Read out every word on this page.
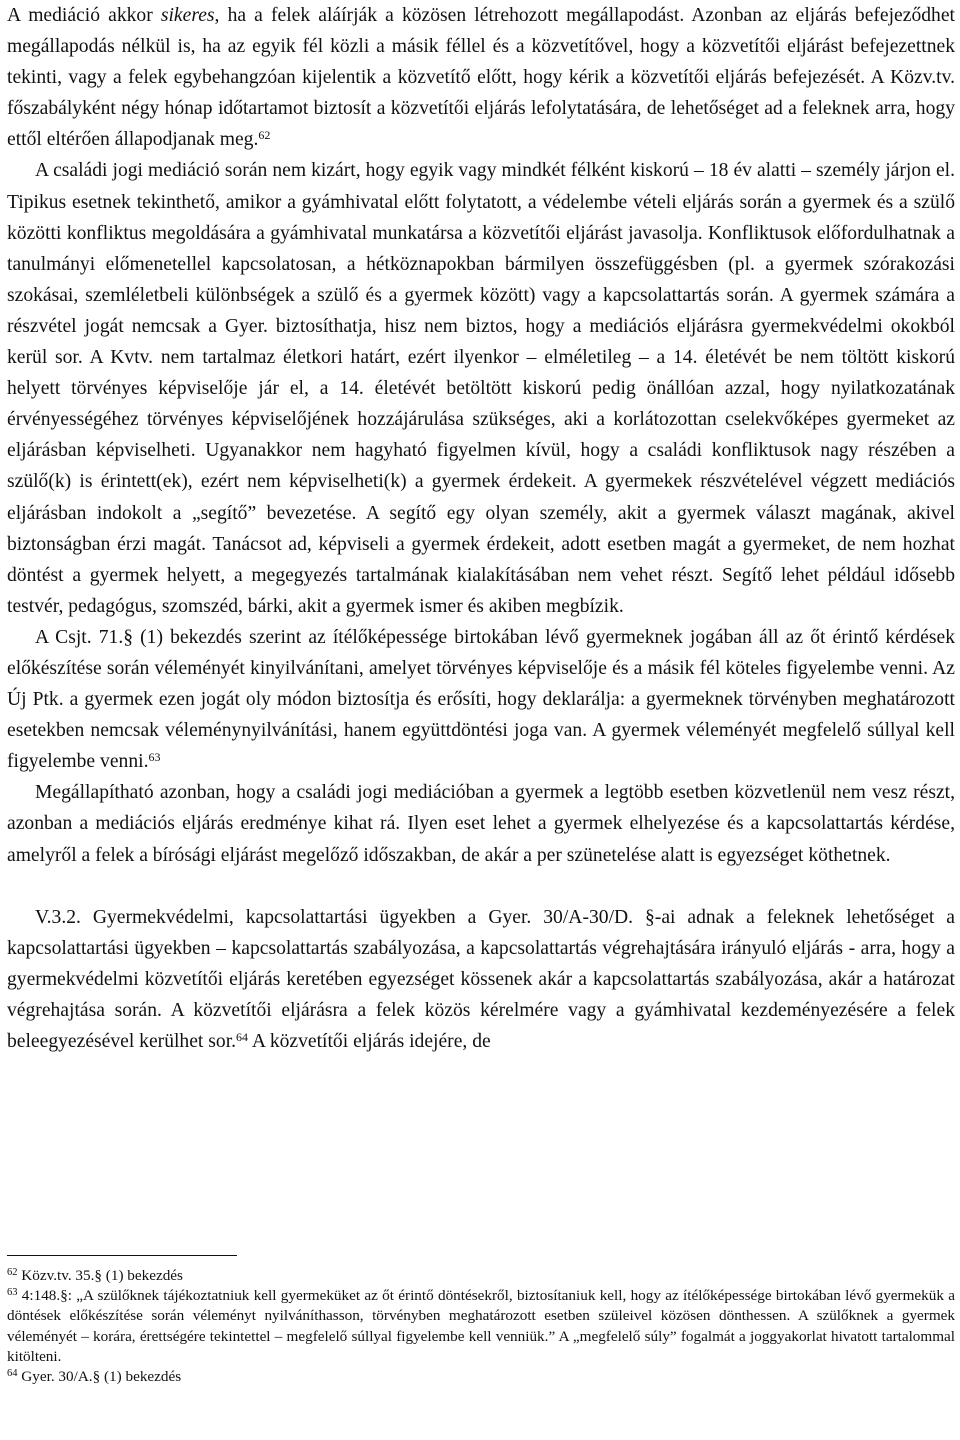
A mediáció akkor sikeres, ha a felek aláírják a közösen létrehozott megállapodást. Azonban az eljárás befejeződhet megállapodás nélkül is, ha az egyik fél közli a másik féllel és a közvetítővel, hogy a közvetítői eljárást befejezettnek tekinti, vagy a felek egybehangzóan kijelentik a közvetítő előtt, hogy kérik a közvetítői eljárás befejezését. A Közv.tv. főszabályként négy hónap időtartamot biztosít a közvetítői eljárás lefolytatására, de lehetőséget ad a feleknek arra, hogy ettől eltérően állapodjanak meg.$^{62}$

A családi jogi mediáció során nem kizárt, hogy egyik vagy mindkét félként kiskorú – 18 év alatti – személy járjon el. Tipikus esetnek tekinthető, amikor a gyámhivatal előtt folytatott, a védelembe vételi eljárás során a gyermek és a szülő közötti konfliktus megoldására a gyámhivatal munkatársa a közvetítői eljárást javasolja. Konfliktusok előfordulhatnak a tanulmányi előmenetellel kapcsolatosan, a hétköznapokban bármilyen összefüggésben (pl. a gyermek szórakozási szokásai, szemléletbeli különbségek a szülő és a gyermek között) vagy a kapcsolattartás során. A gyermek számára a részvétel jogát nemcsak a Gyer. biztosíthatja, hisz nem biztos, hogy a mediációs eljárásra gyermekvédelmi okokból kerül sor. A Kvtv. nem tartalmaz életkori határt, ezért ilyenkor – elméletileg – a 14. életévét be nem töltött kiskorú helyett törvényes képviselője jár el, a 14. életévét betöltött kiskorú pedig önállóan azzal, hogy nyilatkozatának érvényességéhez törvényes képviselőjének hozzájárulása szükséges, aki a korlátozottan cselekvőképes gyermeket az eljárásban képviselheti. Ugyanakkor nem hagyható figyelmen kívül, hogy a családi konfliktusok nagy részében a szülő(k) is érintett(ek), ezért nem képviselheti(k) a gyermek érdekeit. A gyermekek részvételével végzett mediációs eljárásban indokolt a „segítő” bevezetése. A segítő egy olyan személy, akit a gyermek választ magának, akivel biztonságban érzi magát. Tanácsot ad, képviseli a gyermek érdekeit, adott esetben magát a gyermeket, de nem hozhat döntést a gyermek helyett, a megegyezés tartalmának kialakításában nem vehet részt. Segítő lehet például idősebb testvér, pedagógus, szomszéd, bárki, akit a gyermek ismer és akiben megbízik.

A Csjt. 71.§ (1) bekezdés szerint az ítélőképessége birtokában lévő gyermeknek jogában áll az őt érintő kérdések előkészítése során véleményét kinyilvánítani, amelyet törvényes képviselője és a másik fél köteles figyelembe venni. Az Új Ptk. a gyermek ezen jogát oly módon biztosítja és erősíti, hogy deklarálja: a gyermeknek törvényben meghatározott esetekben nemcsak véleménynyilvánítási, hanem együttdöntési joga van. A gyermek véleményét megfelelő súllyal kell figyelembe venni.$^{63}$

Megállapítható azonban, hogy a családi jogi mediációban a gyermek a legtöbb esetben közvetlenül nem vesz részt, azonban a mediációs eljárás eredménye kihat rá. Ilyen eset lehet a gyermek elhelyezése és a kapcsolattartás kérdése, amelyről a felek a bírósági eljárást megelőző időszakban, de akár a per szünetelése alatt is egyezséget köthetnek.

V.3.2. Gyermekvédelmi, kapcsolattartási ügyekben a Gyer. 30/A-30/D. §-ai adnak a feleknek lehetőséget a kapcsolattartási ügyekben – kapcsolattartás szabályozása, a kapcsolattartás végrehajtására irányuló eljárás - arra, hogy a gyermekvédelmi közvetítői eljárás keretében egyezséget kössenek akár a kapcsolattartás szabályozása, akár a határozat végrehajtása során. A közvetítői eljárásra a felek közös kérelmére vagy a gyámhivatal kezdeményezésére a felek beleegyezésével kerülhet sor.$^{64}$ A közvetítői eljárás idejére, de

$^{62}$ Közv.tv. 35.§ (1) bekezdés

$^{63}$ 4:148.§: „A szülőknek tájékoztatniuk kell gyermeküket az őt érintő döntésekről, biztosítaniuk kell, hogy az ítélőképessége birtokában lévő gyermekük a döntések előkészítése során véleményt nyilváníthasson, törvényben meghatározott esetben szüleivel közösen dönthessen. A szülőknek a gyermek véleményét – korára, érettségére tekintettel – megfelelő súllyal figyelembe kell venniük.” A „megfelelő súly” fogalmát a joggyakorlat hivatott tartalommal kitölteni.

$^{64}$ Gyer. 30/A.§ (1) bekezdés
